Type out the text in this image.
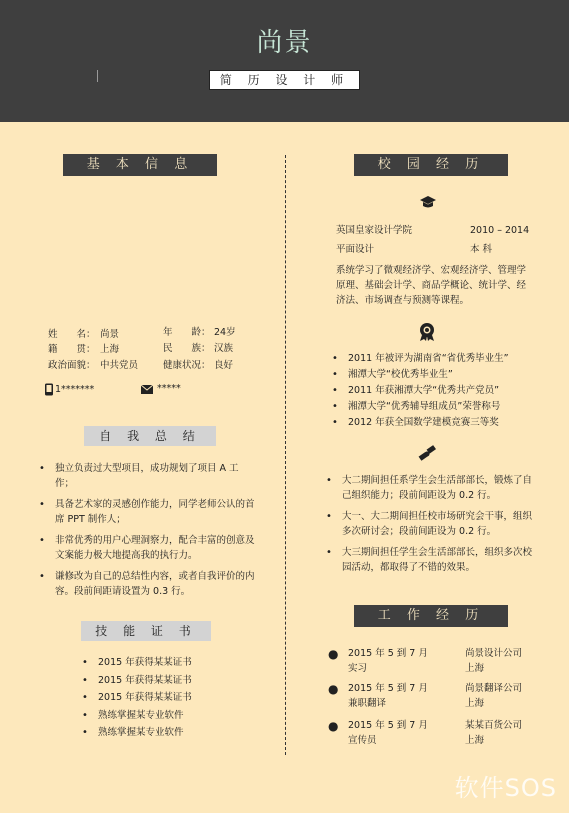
尚景
简 历 设 计 师
基 本 信 息
姓　　名： 尚景	年　　龄： 24岁
籍　　贯： 上海	民　　族： 汉族
政治面貌： 中共党员	健康状况： 良好
1*******	*****
自 我 总 结
• 独立负责过大型项目，成功规划了项目 A 工作；
• 具备艺术家的灵感创作能力，同学老师公认的首席 PPT 制作人；
• 非常优秀的用户心理洞察力，配合丰富的创意及文案能力极大地提高我的执行力。
• 谦修改为自己的总结性内容，或者自我评价的内容。段前间距请设置为 0.3 行。
技 能 证 书
• 2015 年获得某某证书
• 2015 年获得某某证书
• 2015 年获得某某证书
• 熟练掌握某专业软件
• 熟练掌握某专业软件
校 园 经 历
英国皇家设计学院	2010 – 2014
平面设计	本 科
系统学习了微观经济学、宏观经济学、管理学原理、基础会计学、商品学概论、统计学、经济法、市场调查与预测等课程。
• 2011 年被评为湖南省“省优秀毕业生”
• 湘潭大学“校优秀毕业生”
• 2011 年获湘潭大学“优秀共产党员”
• 湘潭大学“优秀辅导组成员”荣誉称号
• 2012 年获全国数学建模竞赛三等奖
• 大二期间担任系学生会生活部部长，锻炼了自己组织能力；段前间距设为 0.2 行。
• 大一、大二期间担任校市场研究会干事，组织多次研讨会；段前间距设为 0.2 行。
• 大三期间担任学生会生活部部长，组织多次校园活动，都取得了不错的效果。
工 作 经 历
● 2015 年 5 到 7 月
实习
尚景设计公司
上海
● 2015 年 5 到 7 月
兼职翻译
尚景翻译公司
上海
● 2015 年 5 到 7 月
宣传员
某某百货公司
上海
软件SOS
